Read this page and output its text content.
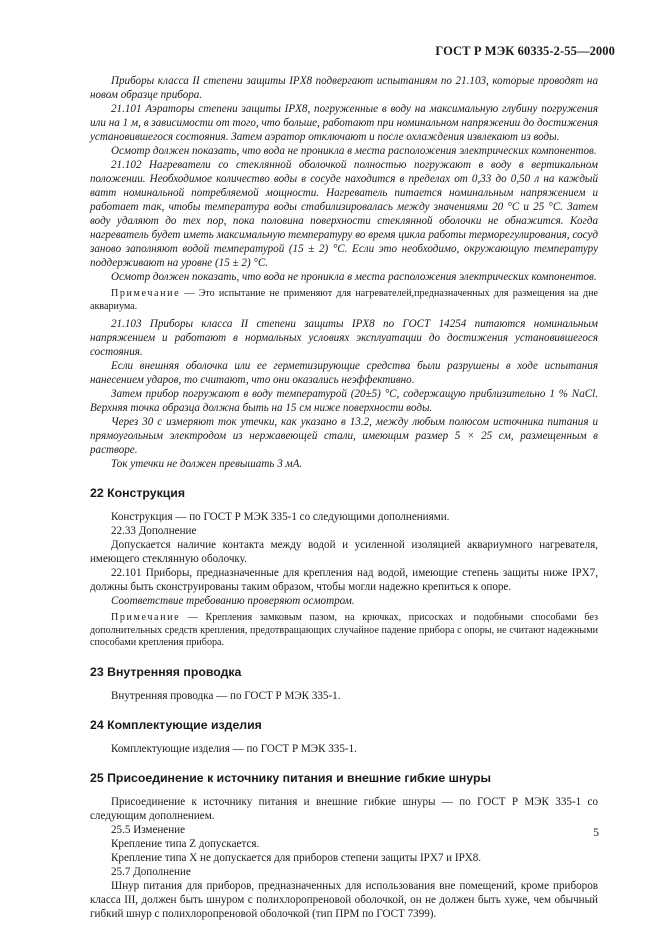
ГОСТ Р МЭК 60335-2-55—2000

Приборы класса II степени защиты IPX8 подвергают испытаниям по 21.103, которые проводят на новом образце прибора.

21.101 Аэраторы степени защиты IPX8, погруженные в воду на максимальную глубину погружения или на 1 м, в зависимости от того, что больше, работают при номинальном напряжении до достижения установившегося состояния. Затем аэратор отключают и после охлаждения извлекают из воды.

Осмотр должен показать, что вода не проникла в места расположения электрических компонентов.

21.102 Нагреватели со стеклянной оболочкой полностью погружают в воду в вертикальном положении. Необходимое количество воды в сосуде находится в пределах от 0,33 до 0,50 л на каждый ватт номинальной потребляемой мощности. Нагреватель питается номинальным напряжением и работает так, чтобы температура воды стабилизировалась между значениями 20 °С и 25 °С. Затем воду удаляют до тех пор, пока половина поверхности стеклянной оболочки не обнажится. Когда нагреватель будет иметь максимальную температуру во время цикла работы терморегулирования, сосуд заново заполняют водой температурой (15 ± 2) °С. Если это необходимо, окружающую температуру поддерживают на уровне (15 ± 2) °С.

Осмотр должен показать, что вода не проникла в места расположения электрических компонентов.

Примечание — Это испытание не применяют для нагревателей,предназначенных для размещения на дне аквариума.

21.103 Приборы класса II степени защиты IPX8 по ГОСТ 14254 питаются номинальным напряжением и работают в нормальных условиях эксплуатации до достижения установившегося состояния.

Если внешняя оболочка или ее герметизирующие средства были разрушены в ходе испытания нанесением ударов, то считают, что они оказались неэффективно.

Затем прибор погружают в воду температурой (20±5) °С, содержащую приблизительно 1 % NaCl. Верхняя точка образца должна быть на 15 см ниже поверхности воды.

Через 30 с измеряют ток утечки, как указано в 13.2, между любым полюсом источника питания и прямоугольным электродом из нержавеющей стали, имеющим размер 5 × 25 см, размещенным в растворе.

Ток утечки не должен превышать 3 мА.

22 Конструкция

Конструкция — по ГОСТ Р МЭК 335-1 со следующими дополнениями.

22.33 Дополнение

Допускается наличие контакта между водой и усиленной изоляцией аквариумного нагревателя, имеющего стеклянную оболочку.

22.101 Приборы, предназначенные для крепления над водой, имеющие степень защиты ниже IPX7, должны быть сконструированы таким образом, чтобы могли надежно крепиться к опоре.

Соответствие требованию проверяют осмотром.

Примечание — Крепления замковым пазом, на крючках, присосках и подобными способами без дополнительных средств крепления, предотвращающих случайное падение прибора с опоры, не считают надежными способами крепления прибора.

23 Внутренняя проводка

Внутренняя проводка — по ГОСТ Р МЭК 335-1.

24 Комплектующие изделия

Комплектующие изделия — по ГОСТ Р МЭК 335-1.

25 Присоединение к источнику питания и внешние гибкие шнуры

Присоединение к источнику питания и внешние гибкие шнуры — по ГОСТ Р МЭК 335-1 со следующим дополнением.

25.5 Изменение

Крепление типа Z допускается.

Крепление типа X не допускается для приборов степени защиты IPX7 и IPX8.

25.7 Дополнение

Шнур питания для приборов, предназначенных для использования вне помещений, кроме приборов класса III, должен быть шнуром с полихлоропреновой оболочкой, он не должен быть хуже, чем обычный гибкий шнур с полихлоропреновой оболочкой (тип ПРМ по ГОСТ 7399).

5
